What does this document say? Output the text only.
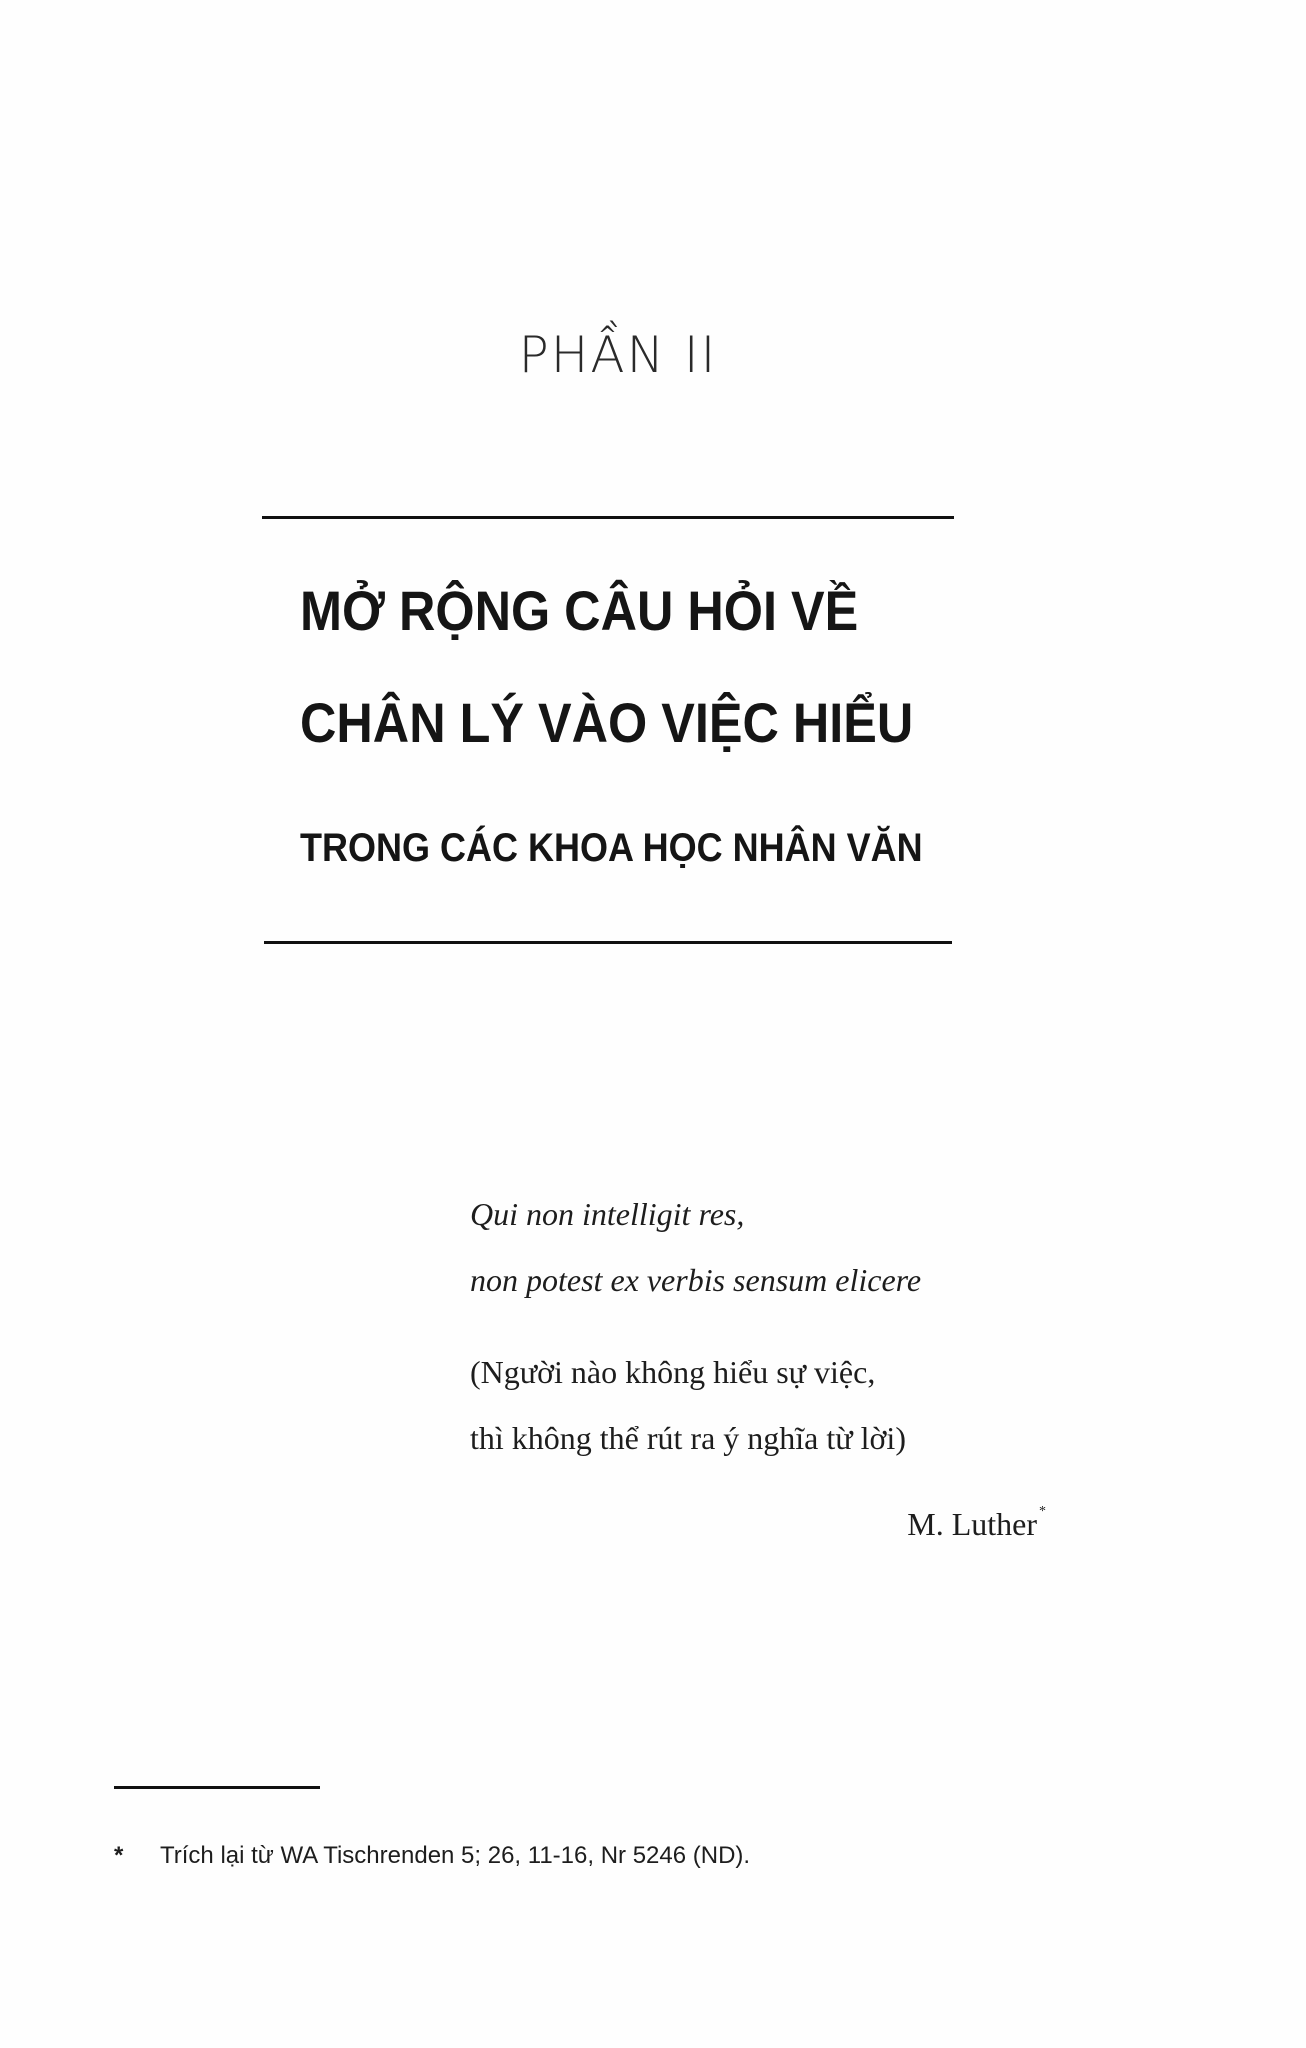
PHẦN II
MỞ RỘNG CÂU HỎI VỀ
CHÂN LÝ VÀO VIỆC HIỂU
TRONG CÁC KHOA HỌC NHÂN VĂN
Qui non intelligit res,
non potest ex verbis sensum elicere
(Người nào không hiểu sự việc,
thì không thể rút ra ý nghĩa từ lời)
M. Luther *
* Trích lại từ WA Tischrenden 5; 26, 11-16, Nr 5246 (ND).
